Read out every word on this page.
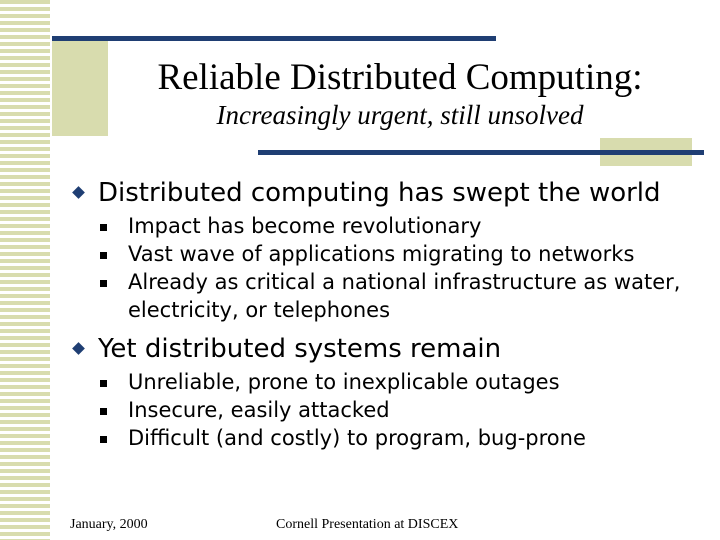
Reliable Distributed Computing:
Increasingly urgent, still unsolved
Distributed computing has swept the world
Impact has become revolutionary
Vast wave of applications migrating to networks
Already as critical a national infrastructure as water, electricity, or telephones
Yet distributed systems remain
Unreliable, prone to inexplicable outages
Insecure, easily attacked
Difficult (and costly) to program, bug-prone
January, 2000	Cornell Presentation at DISCEX
